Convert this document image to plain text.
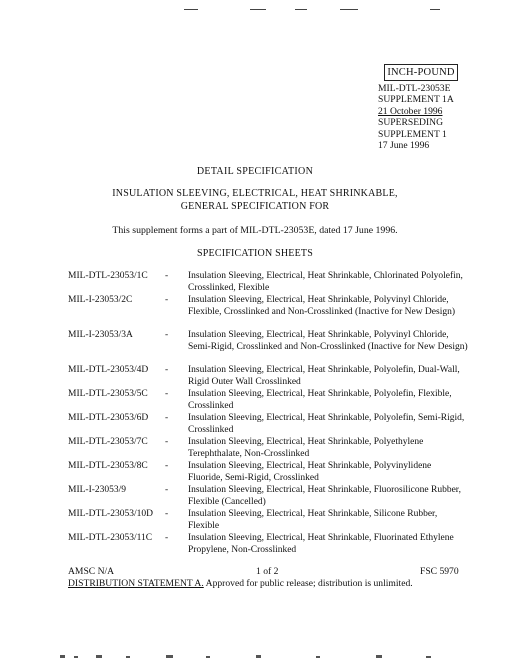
INCH-POUND
MIL-DTL-23053E
SUPPLEMENT 1A
21 October 1996
SUPERSEDING
SUPPLEMENT 1
17 June 1996
DETAIL SPECIFICATION
INSULATION SLEEVING, ELECTRICAL, HEAT SHRINKABLE,
GENERAL SPECIFICATION FOR
This supplement forms a part of MIL-DTL-23053E, dated 17 June 1996.
SPECIFICATION SHEETS
MIL-DTL-23053/1C - Insulation Sleeving, Electrical, Heat Shrinkable, Chlorinated Polyolefin, Crosslinked, Flexible
MIL-I-23053/2C	- Insulation Sleeving, Electrical, Heat Shrinkable, Polyvinyl Chloride, Flexible, Crosslinked and Non-Crosslinked (Inactive for New Design)
MIL-I-23053/3A	- Insulation Sleeving, Electrical, Heat Shrinkable, Polyvinyl Chloride, Semi-Rigid, Crosslinked and Non-Crosslinked (Inactive for New Design)
MIL-DTL-23053/4D - Insulation Sleeving, Electrical, Heat Shrinkable, Polyolefin, Dual-Wall, Rigid Outer Wall Crosslinked
MIL-DTL-23053/5C - Insulation Sleeving, Electrical, Heat Shrinkable, Polyolefin, Flexible, Crosslinked
MIL-DTL-23053/6D - Insulation Sleeving, Electrical, Heat Shrinkable, Polyolefin, Semi-Rigid, Crosslinked
MIL-DTL-23053/7C - Insulation Sleeving, Electrical, Heat Shrinkable, Polyethylene Terephthalate, Non-Crosslinked
MIL-DTL-23053/8C - Insulation Sleeving, Electrical, Heat Shrinkable, Polyvinylidene Fluoride, Semi-Rigid, Crosslinked
MIL-I-23053/9	- Insulation Sleeving, Electrical, Heat Shrinkable, Fluorosilicone Rubber, Flexible (Cancelled)
MIL-DTL-23053/10D - Insulation Sleeving, Electrical, Heat Shrinkable, Silicone Rubber, Flexible
MIL-DTL-23053/11C - Insulation Sleeving, Electrical, Heat Shrinkable, Fluorinated Ethylene Propylene, Non-Crosslinked
AMSC N/A	1 of 2	FSC 5970
DISTRIBUTION STATEMENT A. Approved for public release; distribution is unlimited.
